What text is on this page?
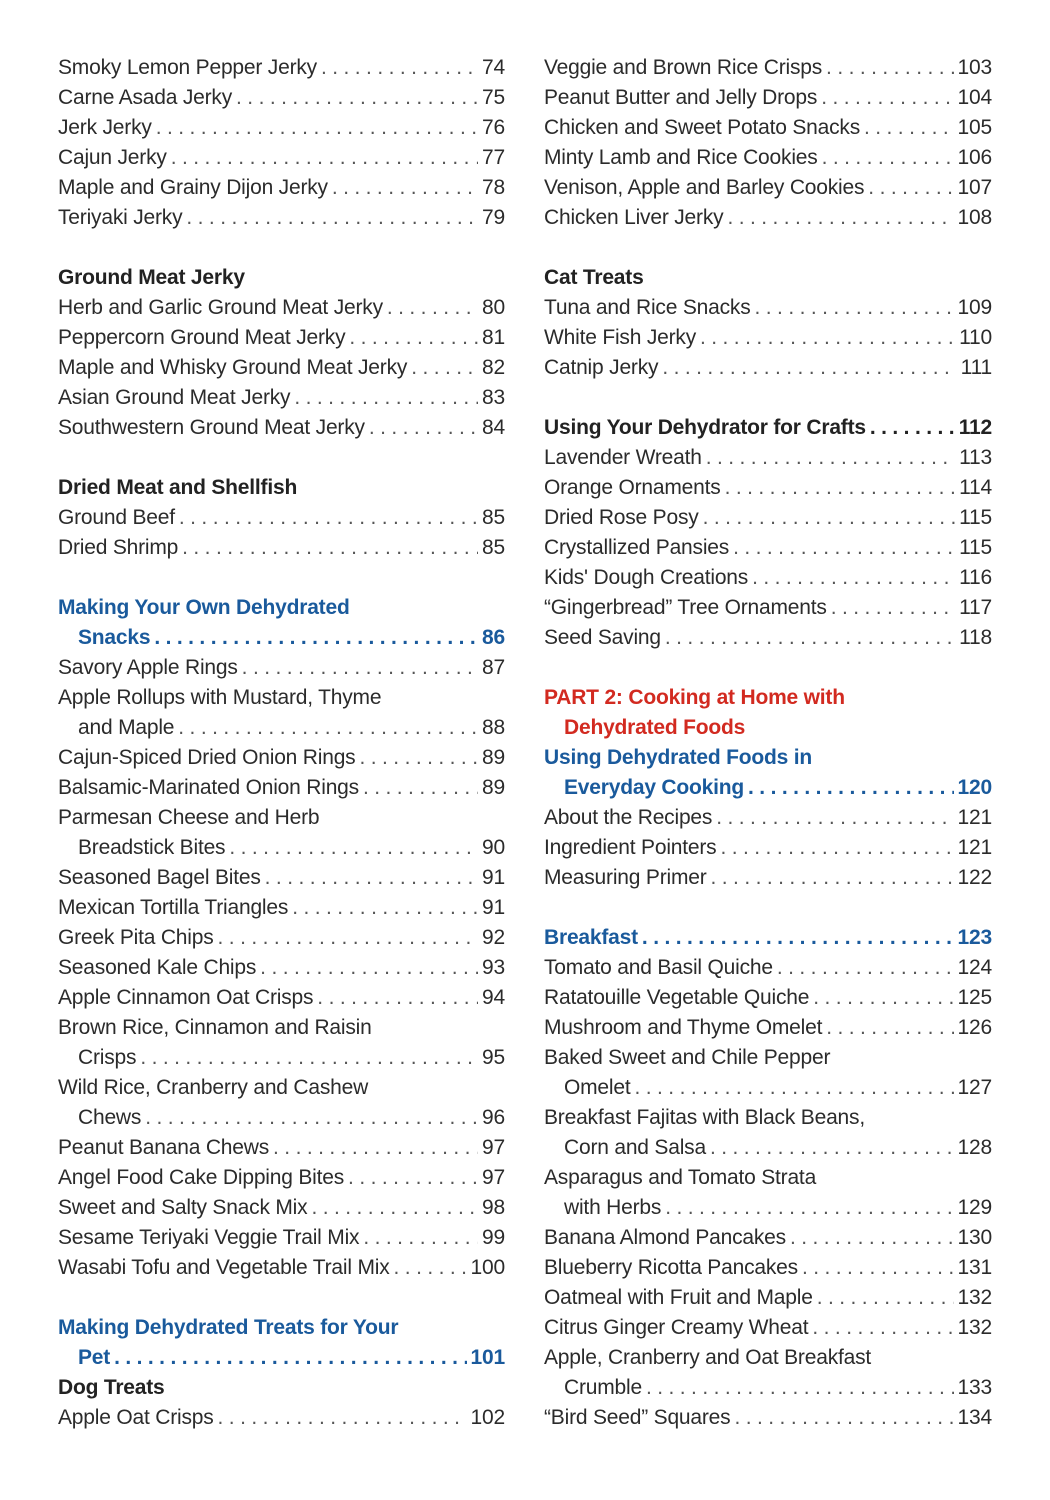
Smoky Lemon Pepper Jerky . . .	74
Carne Asada Jerky . . .	75
Jerk Jerky . . .	76
Cajun Jerky . . .	77
Maple and Grainy Dijon Jerky . . .	78
Teriyaki Jerky . . .	79
Ground Meat Jerky
Herb and Garlic Ground Meat Jerky . . .	80
Peppercorn Ground Meat Jerky . . .	81
Maple and Whisky Ground Meat Jerky . . .	82
Asian Ground Meat Jerky . . .	83
Southwestern Ground Meat Jerky . . .	84
Dried Meat and Shellfish
Ground Beef . . .	85
Dried Shrimp . . .	85
Making Your Own Dehydrated
Snacks . . .	86
Savory Apple Rings . . .	87
Apple Rollups with Mustard, Thyme
and Maple . . .	88
Cajun-Spiced Dried Onion Rings . . .	89
Balsamic-Marinated Onion Rings . . .	89
Parmesan Cheese and Herb
Breadstick Bites . . .	90
Seasoned Bagel Bites . . .	91
Mexican Tortilla Triangles . . .	91
Greek Pita Chips . . .	92
Seasoned Kale Chips . . .	93
Apple Cinnamon Oat Crisps . . .	94
Brown Rice, Cinnamon and Raisin
Crisps . . .	95
Wild Rice, Cranberry and Cashew
Chews . . .	96
Peanut Banana Chews . . .	97
Angel Food Cake Dipping Bites . . .	97
Sweet and Salty Snack Mix . . .	98
Sesame Teriyaki Veggie Trail Mix . . .	99
Wasabi Tofu and Vegetable Trail Mix . . .	100
Making Dehydrated Treats for Your
Pet . . .	101
Dog Treats
Apple Oat Crisps . . .	102
Veggie and Brown Rice Crisps . . .	103
Peanut Butter and Jelly Drops . . .	104
Chicken and Sweet Potato Snacks . . .	105
Minty Lamb and Rice Cookies . . .	106
Venison, Apple and Barley Cookies . . .	107
Chicken Liver Jerky . . .	108
Cat Treats
Tuna and Rice Snacks . . .	109
White Fish Jerky . . .	110
Catnip Jerky . . .	111
Using Your Dehydrator for Crafts . . .	112
Lavender Wreath . . .	113
Orange Ornaments . . .	114
Dried Rose Posy . . .	115
Crystallized Pansies . . .	115
Kids' Dough Creations . . .	116
“Gingerbread” Tree Ornaments . . .	117
Seed Saving . . .	118
PART 2: Cooking at Home with
Dehydrated Foods
Using Dehydrated Foods in
Everyday Cooking . . .	120
About the Recipes . . .	121
Ingredient Pointers . . .	121
Measuring Primer . . .	122
Breakfast . . .	123
Tomato and Basil Quiche . . .	124
Ratatouille Vegetable Quiche . . .	125
Mushroom and Thyme Omelet . . .	126
Baked Sweet and Chile Pepper
Omelet . . .	127
Breakfast Fajitas with Black Beans,
Corn and Salsa . . .	128
Asparagus and Tomato Strata
with Herbs . . .	129
Banana Almond Pancakes . . .	130
Blueberry Ricotta Pancakes . . .	131
Oatmeal with Fruit and Maple . . .	132
Citrus Ginger Creamy Wheat . . .	132
Apple, Cranberry and Oat Breakfast
Crumble . . .	133
“Bird Seed” Squares . . .	134
